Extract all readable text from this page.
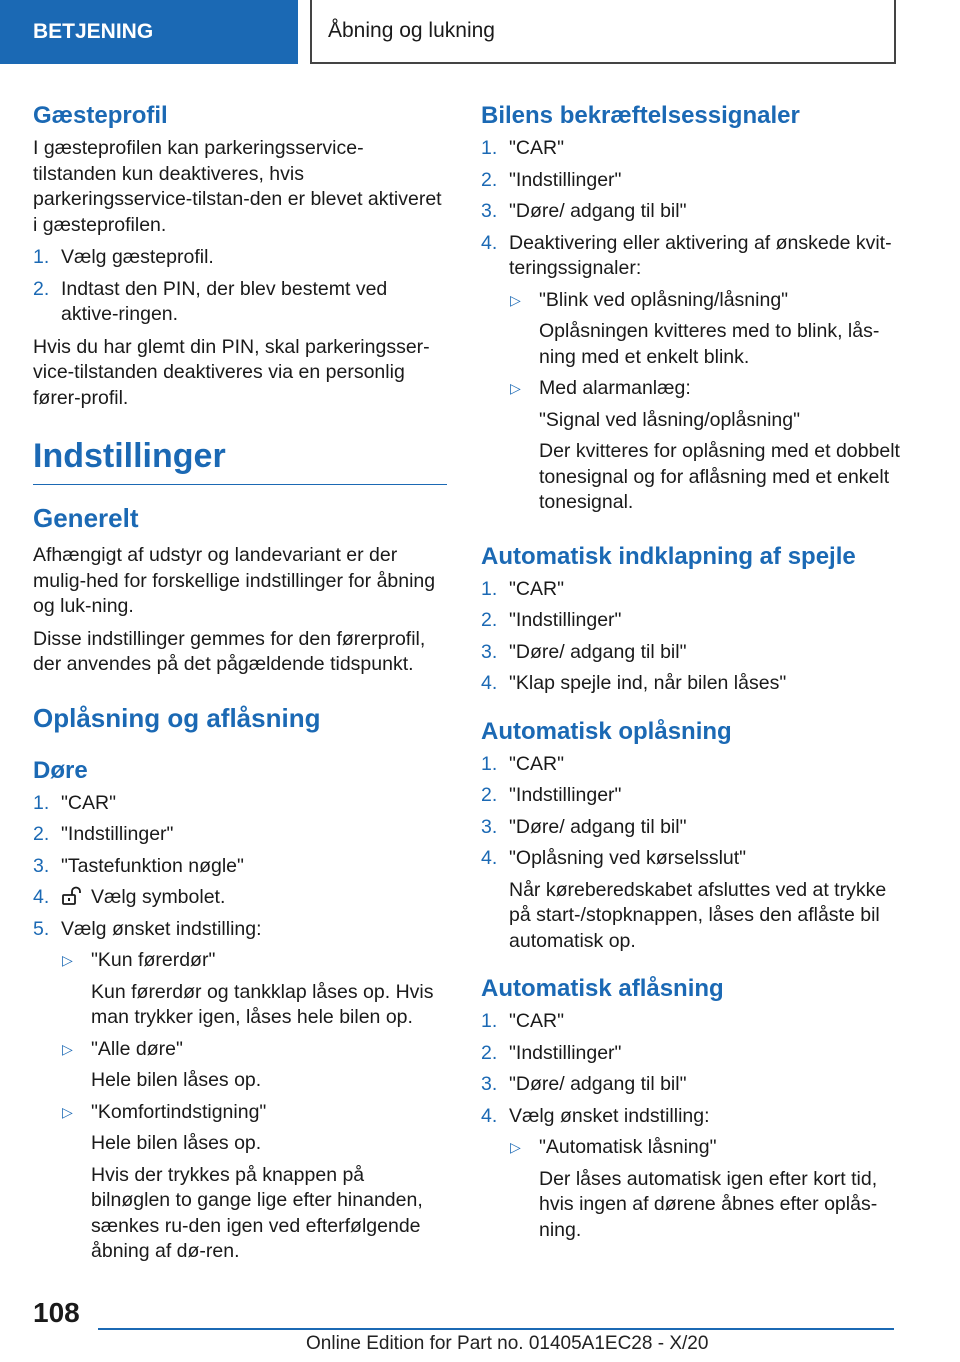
BETJENING	Åbning og lukning
Gæsteprofil

I gæsteprofilen kan parkeringsservice-tilstanden kun deaktiveres, hvis parkeringsservice-tilstan-den er blevet aktiveret i gæsteprofilen.

1. Vælg gæsteprofil.
2. Indtast den PIN, der blev bestemt ved aktive-ringen.

Hvis du har glemt din PIN, skal parkeringsser-vice-tilstanden deaktiveres via en personlig fører-profil.

Indstillinger
Generelt

Afhængigt af udstyr og landevariant er der mulig-hed for forskellige indstillinger for åbning og luk-ning.

Disse indstillinger gemmes for den førerprofil, der anvendes på det pågældende tidspunkt.

Oplåsning og aflåsning
Døre
1. "CAR"
2. "Indstillinger"
3. "Tastefunktion nøgle"
4.	Vælg symbolet.
5. Vælg ønsket indstilling:
▷ "Kun førerdør"
Kun førerdør og tankklap låses op. Hvis man trykker igen, låses hele bilen op.
▷ "Alle døre"
Hele bilen låses op.
▷ "Komfortindstigning"
Hele bilen låses op.
Hvis der trykkes på knappen på bilnøglen to gange lige efter hinanden, sænkes ru-den igen ved efterfølgende åbning af dø-ren.
Bilens bekræftelsessignaler
1. "CAR"
2. "Indstillinger"
3. "Døre/ adgang til bil"
4. Deaktivering eller aktivering af ønskede kvit-teringssignaler:
▷ "Blink ved oplåsning/låsning"
Oplåsningen kvitteres med to blink, lås-ning med et enkelt blink.
▷ Med alarmanlæg:
"Signal ved låsning/oplåsning"
Der kvitteres for oplåsning med et dobbelt tonesignal og for aflåsning med et enkelt tonesignal.
Automatisk indklapning af spejle
1. "CAR"
2. "Indstillinger"
3. "Døre/ adgang til bil"
4. "Klap spejle ind, når bilen låses"
Automatisk oplåsning
1. "CAR"
2. "Indstillinger"
3. "Døre/ adgang til bil"
4. "Oplåsning ved kørselsslut"
Når køreberedskabet afsluttes ved at trykke på start-/stopknappen, låses den aflåste bil automatisk op.
Automatisk aflåsning
1. "CAR"
2. "Indstillinger"
3. "Døre/ adgang til bil"
4. Vælg ønsket indstilling:
▷ "Automatisk låsning"
Der låses automatisk igen efter kort tid, hvis ingen af dørene åbnes efter oplås-ning.
108
Online Edition for Part no. 01405A1EC28 - X/20
